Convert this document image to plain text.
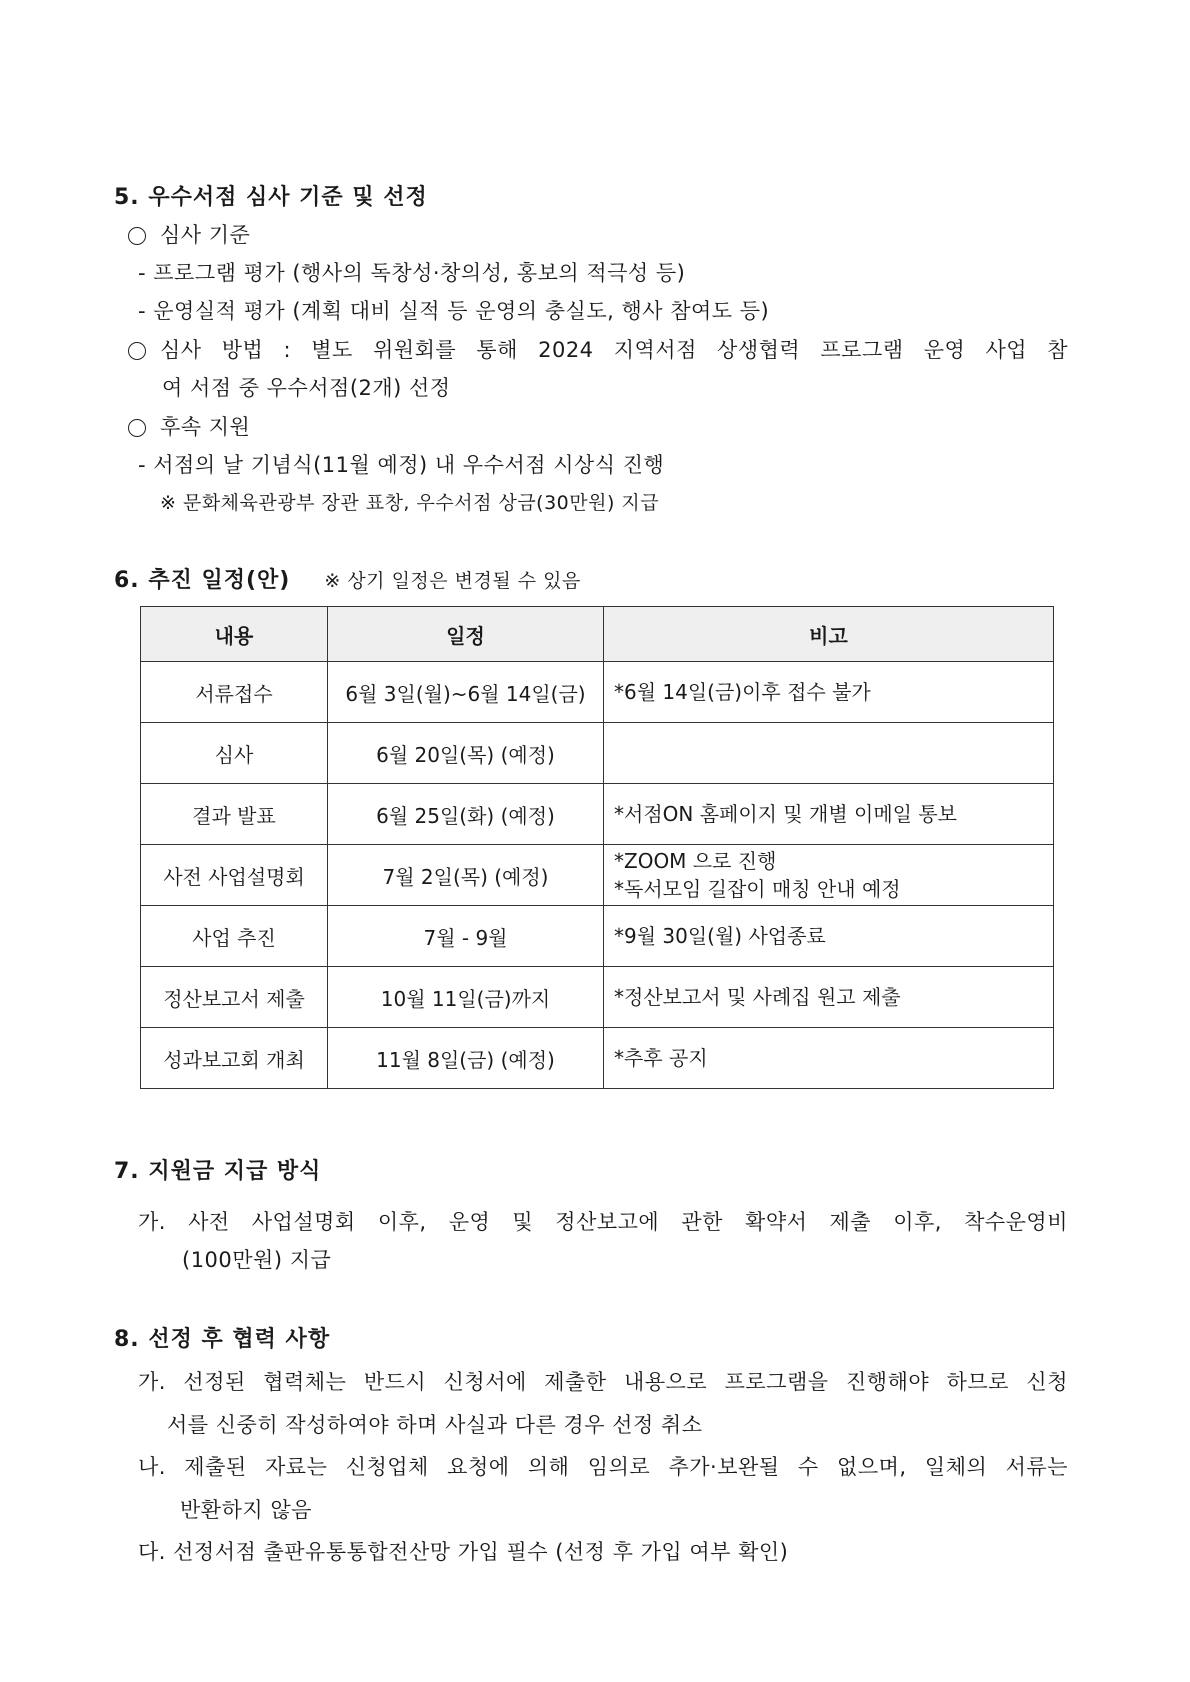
5. 우수서점 심사 기준 및 선정
심사 기준
- 프로그램 평가 (행사의 독창성·창의성, 홍보의 적극성 등)
- 운영실적 평가 (계획 대비 실적 등 운영의 충실도, 행사 참여도 등)
심사 방법 : 별도 위원회를 통해 2024 지역서점 상생협력 프로그램 운영 사업 참
여 서점 중 우수서점(2개) 선정
후속 지원
- 서점의 날 기념식(11월 예정) 내 우수서점 시상식 진행
※ 문화체육관광부 장관 표창, 우수서점 상금(30만원) 지급
6. 추진 일정(안) ※ 상기 일정은 변경될 수 있음
내용	일정	비고
서류접수	6월 3일(월)~6월 14일(금)	*6월 14일(금)이후 접수 불가

심사	6월 20일(목) (예정)	

결과 발표	6월 25일(화) (예정)	*서점ON 홈페이지 및 개별 이메일 통보

사전 사업설명회	7월 2일(목) (예정)	*ZOOM 으로 진행
*독서모임 길잡이 매칭 안내 예정

사업 추진	7월 - 9월	*9월 30일(월) 사업종료

정산보고서 제출	10월 11일(금)까지	*정산보고서 및 사례집 원고 제출

성과보고회 개최	11월 8일(금) (예정)	*추후 공지
7. 지원금 지급 방식
가. 사전 사업설명회 이후, 운영 및 정산보고에 관한 확약서 제출 이후, 착수운영비
(100만원) 지급
8. 선정 후 협력 사항
가. 선정된 협력체는 반드시 신청서에 제출한 내용으로 프로그램을 진행해야 하므로 신청
서를 신중히 작성하여야 하며 사실과 다른 경우 선정 취소
나. 제출된 자료는 신청업체 요청에 의해 임의로 추가·보완될 수 없으며, 일체의 서류는
반환하지 않음
다. 선정서점 출판유통통합전산망 가입 필수 (선정 후 가입 여부 확인)
